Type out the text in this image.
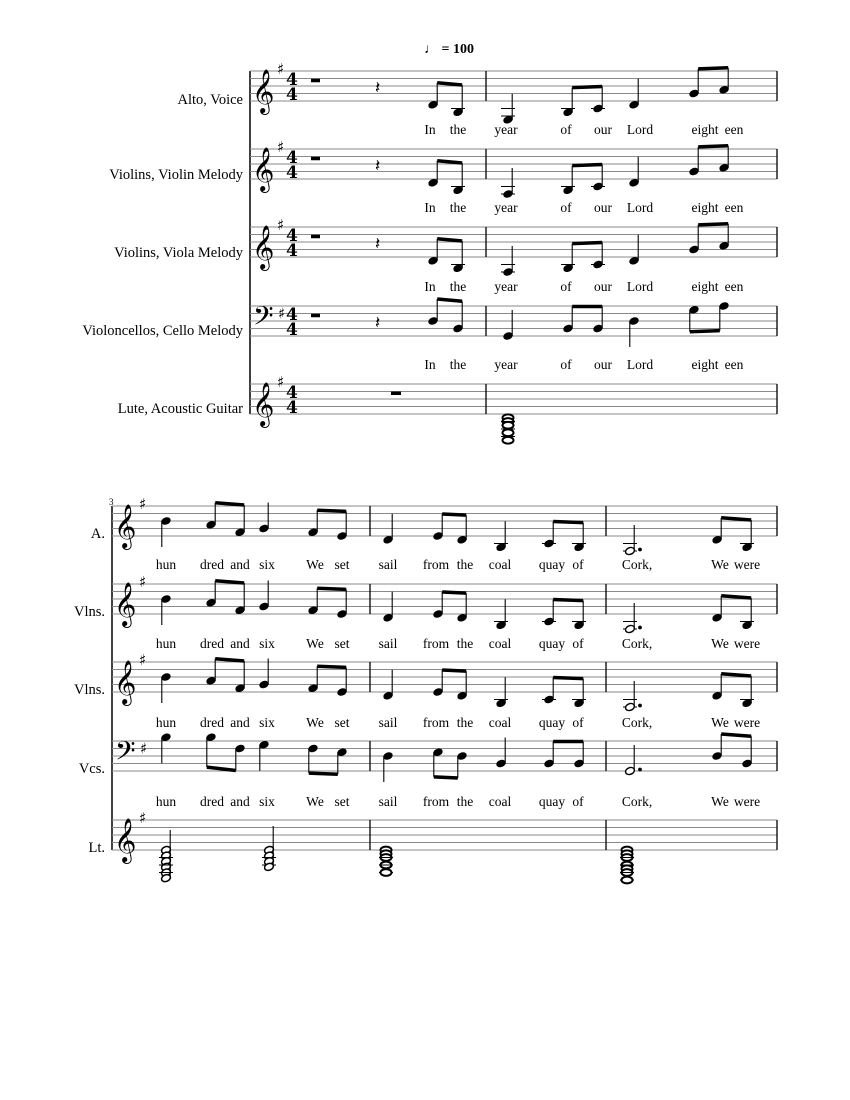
♩ = 100
Alto, Voice
Violins, Violin Melody
Violins, Viola Melody
Violoncellos, Cello Melody
Lute, Acoustic Guitar
3
A.
Vlns.
Vlns.
Vcs.
Lt.
𝄞 ♯
4
4
𝄞 ♯
4
4
𝄞 ♯
4
4
𝄢 ♯ 4
4
𝄞 ♯
4
4
𝄽
𝄽
𝄽
𝄽
𝄞 ♯
𝄞 ♯
𝄞 ♯
𝄢 ♯
𝄞 ♯
In the year	of our Lord	eight een
In the year	of our Lord	eight een
In the year	of our Lord	eight een
In the year	of our Lord	eight een
hun dred and six We set sail from the coal quay of	Cork,	We were
hun dred and six We set sail from the coal quay of	Cork,	We were
hun dred and six We set sail from the coal quay of	Cork,	We were
hun dred and six We set sail from the coal quay of	Cork,	We were
